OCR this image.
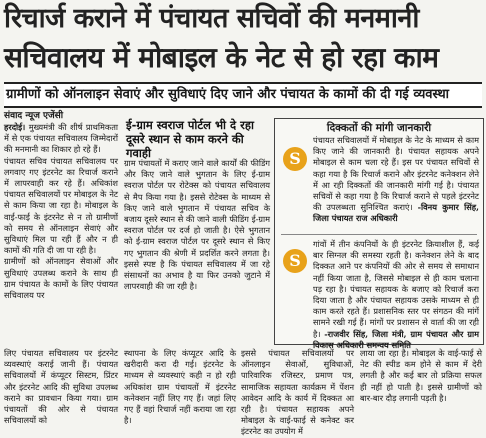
रिचार्ज कराने में पंचायत सचिवों की मनमानी
सचिवालय में मोबाइल के नेट से हो रहा काम
ग्रामीणों को ऑनलाइन सेवाएं और सुविधाएं दिए जाने और पंचायत के कामों की दी गई व्यवस्था
संवाद न्यूज एजेंसी

हरदोई। मुख्यमंत्री की शीर्ष प्राथमिकता में से एक पंचायत सचिवालय जिम्मेदारों की मनमानी का शिकार हो रहे हैं।

पंचायत सचिव पंचायत सचिवालय पर लगवाए गए इंटरनेट का रिचार्ज कराने में लापरवाही कर रहे हैं। अधिकांश पंचायत सचिवालयों पर मोबाइल के नेट से काम किया जा रहा है। मोबाइल के वाई-फाई के इंटरनेट से न तो ग्रामीणों को समय से ऑनलाइन सेवाएं और सुविधाएं मिल पा रही हैं और न ही कामों की गति दी जा पा रही है।

ग्रामीणों को ऑनलाइन सेवाओं और सुविधाएं उपलब्ध कराने के साथ ही ग्राम पंचायत के कामों के लिए पंचायत सचिवालय पर

ई-ग्राम स्वराज पोर्टल भी दे रहा दूसरे स्थान से काम करने की गवाही
ग्राम पंचायतों में कराए जाने वाले कार्यों की फीडिंग और किए जाने वाले भुगतान के लिए ई-ग्राम स्वराज पोर्टल पर रोटेक्स को पंचायत सचिवालय से मैप किया गया है। इससे रोटेक्स के माध्यम से किए जाने वाले भुगतान में पंचायत सचिव के बजाय दूसरे स्थान से की जाने वाली फीडिंग ई-ग्राम स्वराज पोर्टल पर दर्ज हो जाती है। ऐसे भुगतान को ई-ग्राम स्वराज पोर्टल पर दूसरे स्थान से किए गए भुगतान की श्रेणी में प्रदर्शित करने लगता है। इससे स्पष्ट है कि पंचायत सचिवालय में जा रहे संसाधनों का अभाव है या फिर उनको जुटाने में लापरवाही की जा रही है।
दिक्कतों की मांगी जानकारी
S
पंचायत सचिवालयों में मोबाइल के नेट के माध्यम से काम किए जाने की जानकारी है। पंचायत सहायक अपने मोबाइल से काम चला रहे हैं। इस पर पंचायत सचिवों से कहा गया है कि रिचार्ज कराने और इंटरनेट कनेक्शन लेने में आ रही दिक्कतों की जानकारी मांगी गई है। पंचायत सचिवों से कहा गया है कि रिचार्ज कराने से पहले इंटरनेट की उपलब्धता सुनिश्चित कराएं। -विनय कुमार सिंह, जिला पंचायत राज अधिकारी
S
गांवों में तीन कंपनियों के ही इंटरनेट क्रियाशील हैं, कई बार सिग्नल की समस्या रहती है। कनेक्शन लेने के बाद दिक्कत आने पर कंपनियों की ओर से समय से समाधान नहीं किया जाता है, जिससे मोबाइल से ही काम चलाना पड़ रहा है। पंचायत सहायक के बजाए को रिचार्ज करा दिया जाता है और पंचायत सहायक उसके माध्यम से ही काम करते रहते हैं। प्रशासनिक स्तर पर संगठन की मांगें सामने रखी गई हैं। मांगों पर प्रशासन से वार्ता की जा रही है। -राजवीर सिंह, जिला मंत्री, ग्राम पंचायत और ग्राम विकास अधिकारी समन्वय समिति
लिए पंचायत सचिवालय पर इंटरनेट व्यवस्थाएं कराई जानी हैं। पंचायत सचिवालयों में कंप्यूटर सिस्टम, प्रिंटर और इंटरनेट आदि की सुविधा उपलब्ध कराने का प्रावधान किया गया। ग्राम पंचायतों की ओर से पंचायत सचिवालयों को
स्थापना के लिए कंप्यूटर आदि के खरीदारी करा दी गई। इंटरनेट के माध्यम से व्यवस्थाएं कही न हो रही अधिकांश ग्राम पंचायतों में इंटरनेट कनेक्शन नहीं लिए गए हैं। जहां लिए गए हैं वहां रिचार्ज नहीं कराया जा रहा है।
इससे पंचायत सचिवालयों पर ऑनलाइन सेवाओं, सुविधाओं, पारिवारिक रजिस्टर, प्रमाण पत्र, सामाजिक सहायता कार्यक्रम में पेंशन आवेदन आदि के कार्य में दिक्कत आ रही है। पंचायत सहायक अपने मोबाइल के वाई-फाई से कनेक्ट कर इंटरनेट का उपयोग में
लाया जा रहा है। मोबाइल के वाई-फाई से नेट की स्पीड कम होने से काम में देरी लगती है और कई बार तो प्रक्रिया सफल ही नहीं हो पाती है। इससे ग्रामीणों को बार-बार दौड़ लगानी पड़ती है।
